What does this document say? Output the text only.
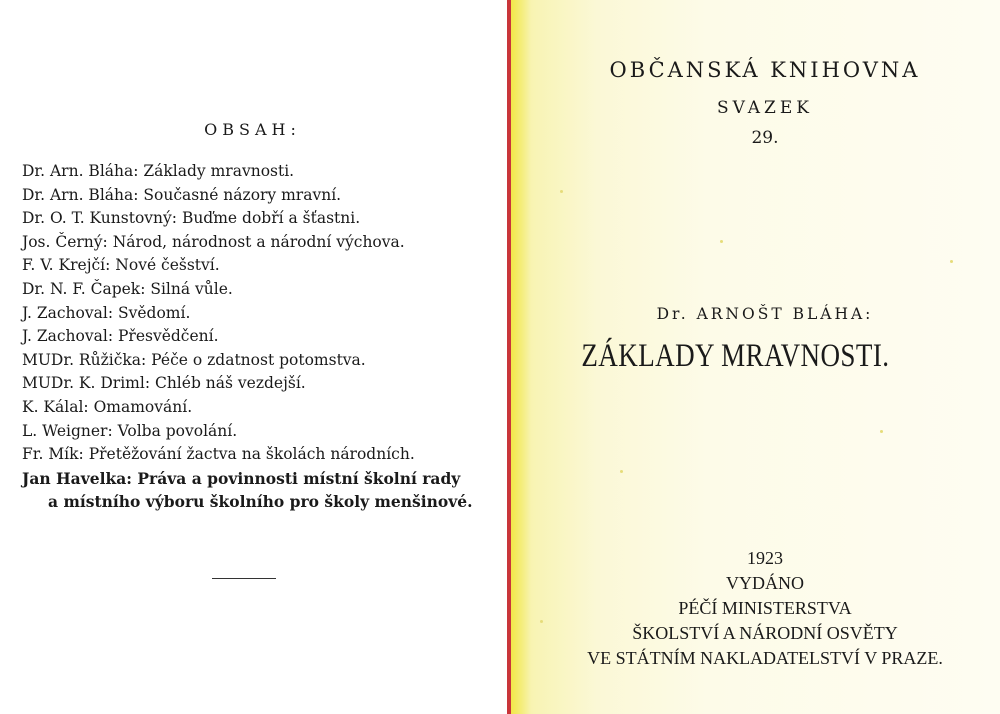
OBSAH:
Dr. Arn. Bláha: Základy mravnosti.
Dr. Arn. Bláha: Současné názory mravní.
Dr. O. T. Kunstovný: Buďme dobří a šťastni.
Jos. Černý: Národ, národnost a národní výchova.
F. V. Krejčí: Nové češství.
Dr. N. F. Čapek: Silná vůle.
J. Zachoval: Svědomí.
J. Zachoval: Přesvědčení.
MUDr. Růžička: Péče o zdatnost potomstva.
MUDr. K. Driml: Chléb náš vezdejší.
K. Kálal: Omamování.
L. Weigner: Volba povolání.
Fr. Mík: Přetěžování žactva na školách národních.
Jan Havelka: Práva a povinnosti místní školní rady
a místního výboru školního pro školy menšinové.
OBČANSKÁ KNIHOVNA
SVAZEK
29.
Dr. ARNOŠT BLÁHA:
ZÁKLADY MRAVNOSTI.
1923
VYDÁNO
PÉČÍ MINISTERSTVA
ŠKOLSTVÍ A NÁRODNÍ OSVĚTY
VE STÁTNÍM NAKLADATELSTVÍ V PRAZE.
